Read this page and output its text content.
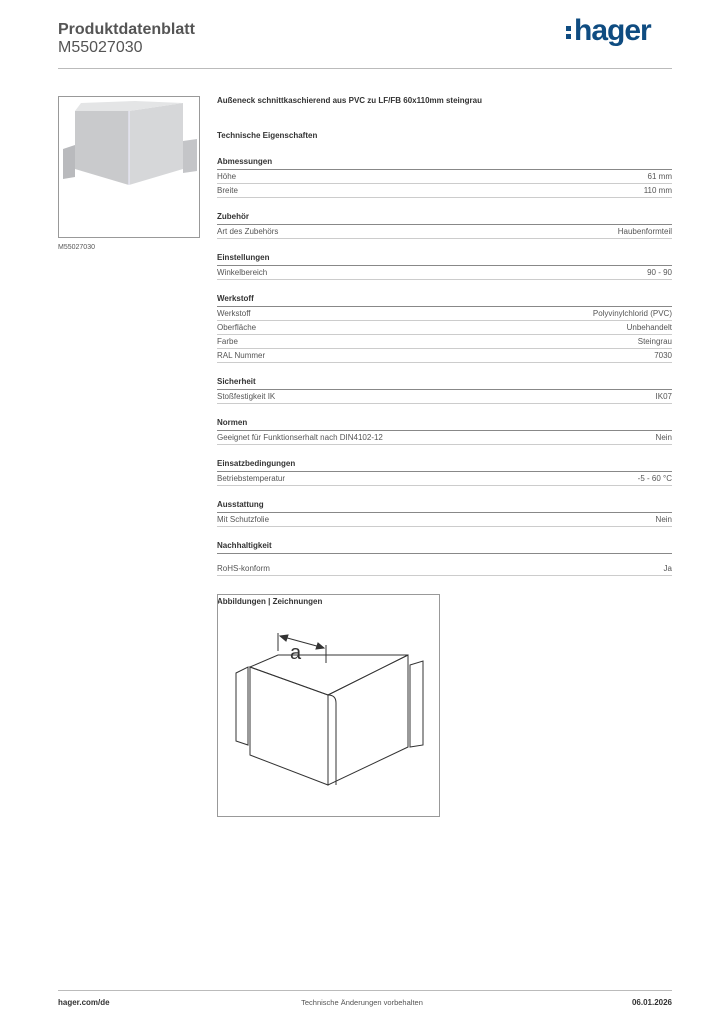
Produktdatenblatt
M55027030
hager
M55027030
Außeneck schnittkaschierend aus PVC zu LF/FB 60x110mm steingrau
Technische Eigenschaften
Abmessungen
Höhe	61 mm
Breite	110 mm
Zubehör
Art des Zubehörs	Haubenformteil
Einstellungen
Winkelbereich	90 - 90
Werkstoff
Werkstoff	Polyvinylchlorid (PVC)
Oberfläche	Unbehandelt
Farbe	Steingrau
RAL Nummer	7030
Sicherheit
Stoßfestigkeit IK	IK07
Normen
Geeignet für Funktionserhalt nach DIN4102-12	Nein
Einsatzbedingungen
Betriebstemperatur	-5 - 60 °C
Ausstattung
Mit Schutzfolie	Nein
Nachhaltigkeit
RoHS-konform	Ja
Abbildungen | Zeichnungen
a
hager.com/de	Technische Änderungen vorbehalten	06.01.2026
